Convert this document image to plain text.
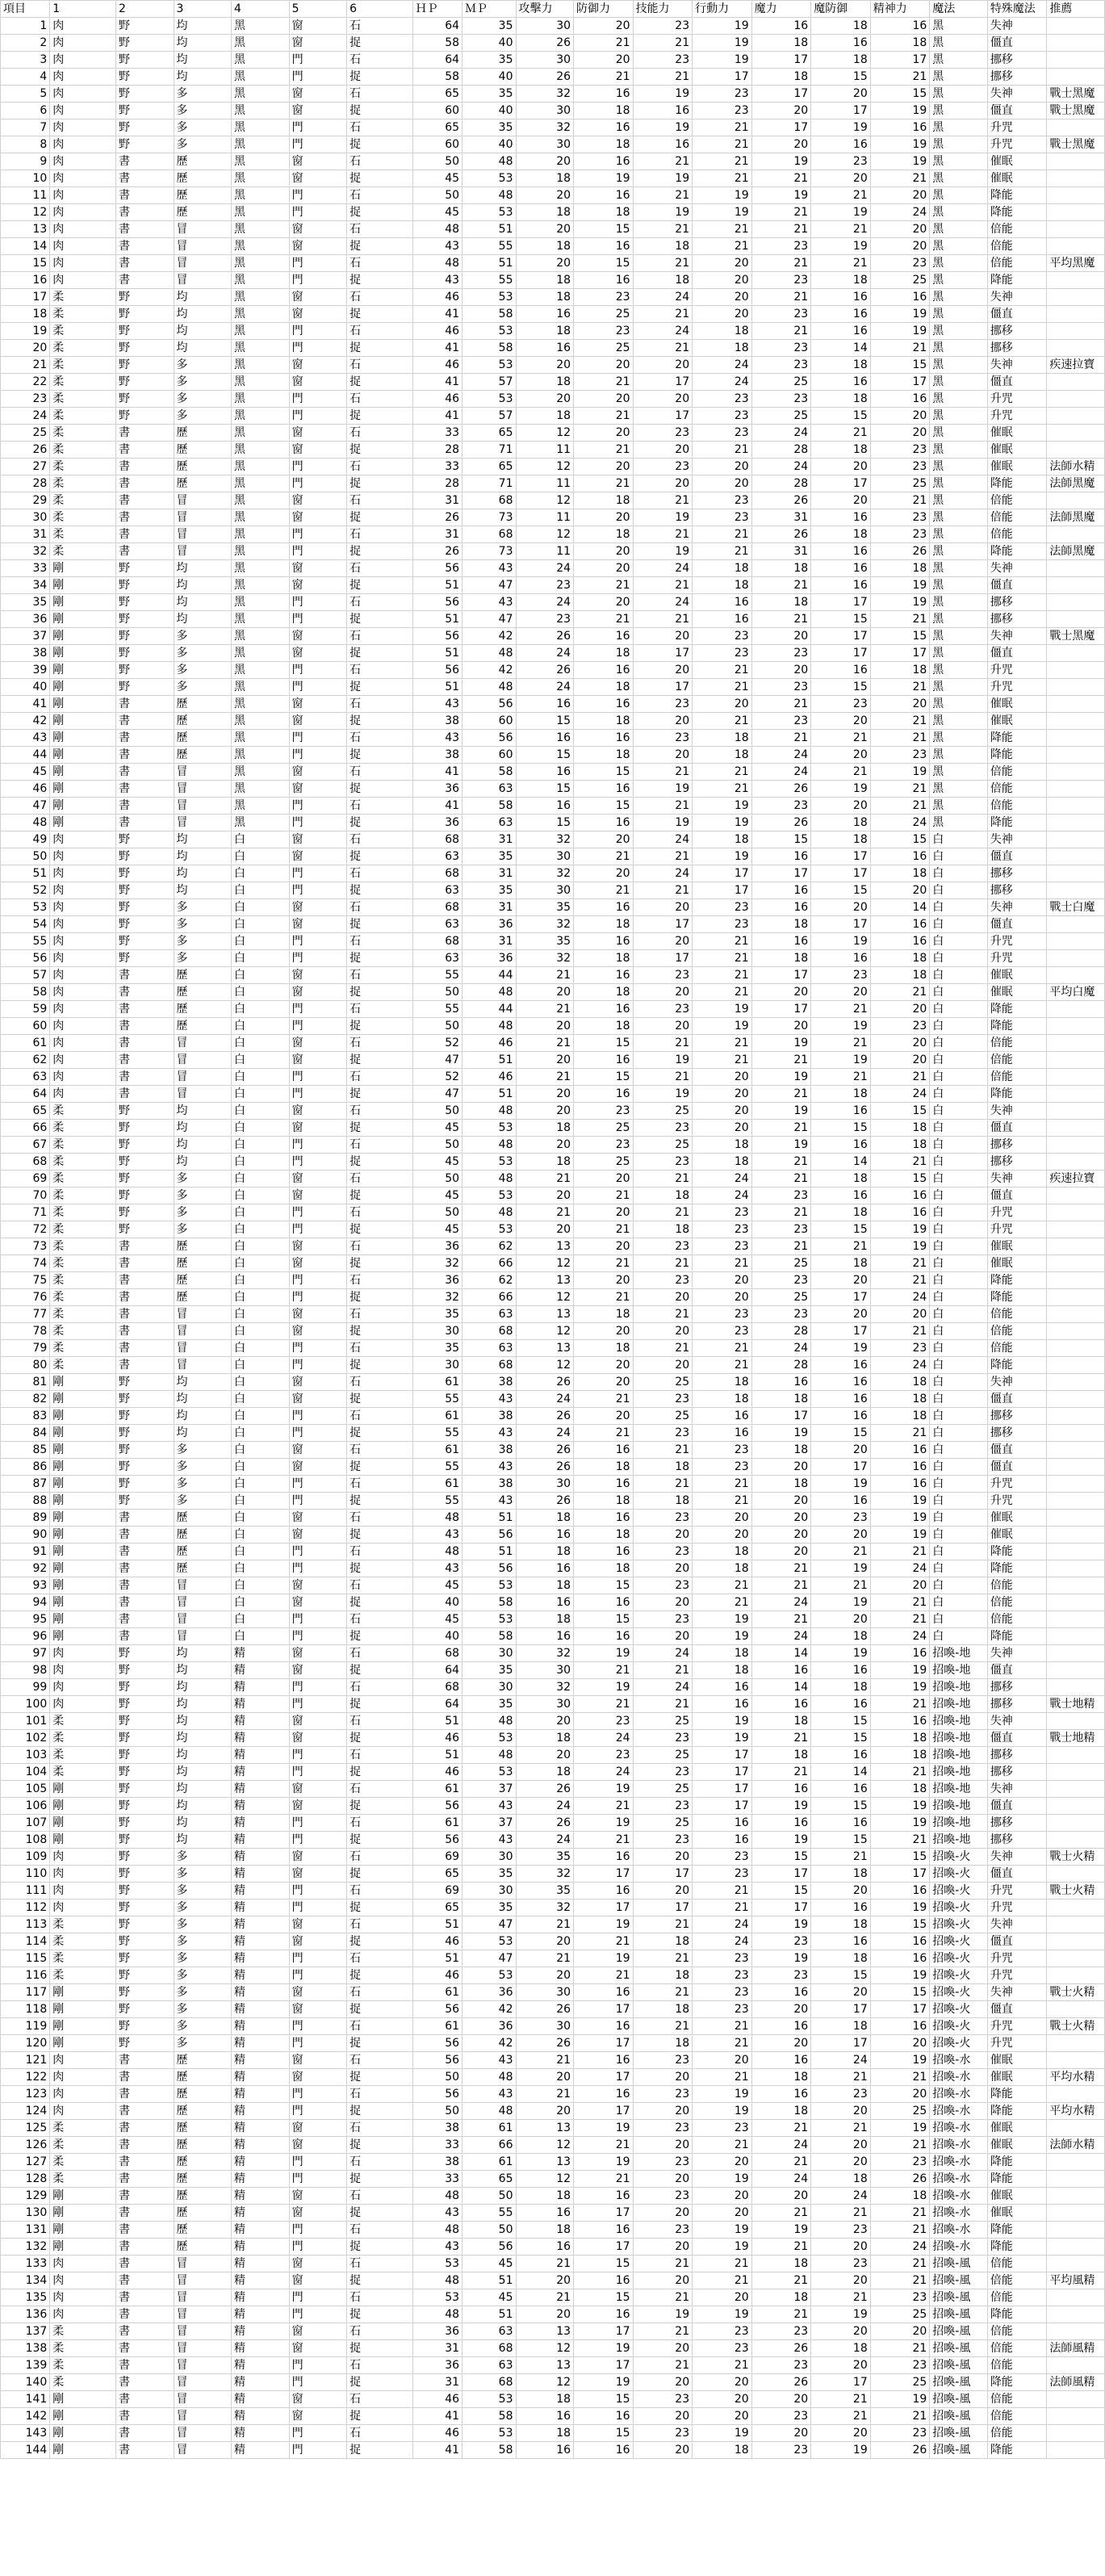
項目	1	2	3	4	5	6	ＨＰ	ＭＰ	攻擊力	防御力	技能力	行動力	魔力	魔防御	精神力	魔法	特殊魔法	推薦
1	肉	野	均	黑	窗	石	64	35	30	20	23	19	16	18	16	黑	失神	
2	肉	野	均	黑	窗	捉	58	40	26	21	21	19	18	16	18	黑	僵直	
3	肉	野	均	黑	門	石	64	35	30	20	23	19	17	18	17	黑	挪移	
4	肉	野	均	黑	門	捉	58	40	26	21	21	17	18	15	21	黑	挪移	
5	肉	野	多	黑	窗	石	65	35	32	16	19	23	17	20	15	黑	失神	戰士黑魔
6	肉	野	多	黑	窗	捉	60	40	30	18	16	23	20	17	19	黑	僵直	戰士黑魔
7	肉	野	多	黑	門	石	65	35	32	16	19	21	17	19	16	黑	升咒	
8	肉	野	多	黑	門	捉	60	40	30	18	16	21	20	16	19	黑	升咒	戰士黑魔
9	肉	書	歷	黑	窗	石	50	48	20	16	21	21	19	23	19	黑	催眠	
10	肉	書	歷	黑	窗	捉	45	53	18	19	19	21	21	20	21	黑	催眠	
11	肉	書	歷	黑	門	石	50	48	20	16	21	19	19	21	20	黑	降能	
12	肉	書	歷	黑	門	捉	45	53	18	18	19	19	21	19	24	黑	降能	
13	肉	書	冒	黑	窗	石	48	51	20	15	21	21	21	21	20	黑	倍能	
14	肉	書	冒	黑	窗	捉	43	55	18	16	18	21	23	19	20	黑	倍能	
15	肉	書	冒	黑	門	石	48	51	20	15	21	20	21	21	23	黑	倍能	平均黑魔
16	肉	書	冒	黑	門	捉	43	55	18	16	18	20	23	18	25	黑	降能	
17	柔	野	均	黑	窗	石	46	53	18	23	24	20	21	16	16	黑	失神	
18	柔	野	均	黑	窗	捉	41	58	16	25	21	20	23	16	19	黑	僵直	
19	柔	野	均	黑	門	石	46	53	18	23	24	18	21	16	19	黑	挪移	
20	柔	野	均	黑	門	捉	41	58	16	25	21	18	23	14	21	黑	挪移	
21	柔	野	多	黑	窗	石	46	53	20	20	20	24	23	18	15	黑	失神	疾速拉寶
22	柔	野	多	黑	窗	捉	41	57	18	21	17	24	25	16	17	黑	僵直	
23	柔	野	多	黑	門	石	46	53	20	20	20	23	23	18	16	黑	升咒	
24	柔	野	多	黑	門	捉	41	57	18	21	17	23	25	15	20	黑	升咒	
25	柔	書	歷	黑	窗	石	33	65	12	20	23	23	24	21	20	黑	催眠	
26	柔	書	歷	黑	窗	捉	28	71	11	21	20	21	28	18	23	黑	催眠	
27	柔	書	歷	黑	門	石	33	65	12	20	23	20	24	20	23	黑	催眠	法師水精
28	柔	書	歷	黑	門	捉	28	71	11	21	20	20	28	17	25	黑	降能	法師黑魔
29	柔	書	冒	黑	窗	石	31	68	12	18	21	23	26	20	21	黑	倍能	
30	柔	書	冒	黑	窗	捉	26	73	11	20	19	23	31	16	23	黑	倍能	法師黑魔
31	柔	書	冒	黑	門	石	31	68	12	18	21	21	26	18	23	黑	倍能	
32	柔	書	冒	黑	門	捉	26	73	11	20	19	21	31	16	26	黑	降能	法師黑魔
33	剛	野	均	黑	窗	石	56	43	24	20	24	18	18	16	18	黑	失神	
34	剛	野	均	黑	窗	捉	51	47	23	21	21	18	21	16	19	黑	僵直	
35	剛	野	均	黑	門	石	56	43	24	20	24	16	18	17	19	黑	挪移	
36	剛	野	均	黑	門	捉	51	47	23	21	21	16	21	15	21	黑	挪移	
37	剛	野	多	黑	窗	石	56	42	26	16	20	23	20	17	15	黑	失神	戰士黑魔
38	剛	野	多	黑	窗	捉	51	48	24	18	17	23	23	17	17	黑	僵直	
39	剛	野	多	黑	門	石	56	42	26	16	20	21	20	16	18	黑	升咒	
40	剛	野	多	黑	門	捉	51	48	24	18	17	21	23	15	21	黑	升咒	
41	剛	書	歷	黑	窗	石	43	56	16	16	23	20	21	23	20	黑	催眠	
42	剛	書	歷	黑	窗	捉	38	60	15	18	20	21	23	20	21	黑	催眠	
43	剛	書	歷	黑	門	石	43	56	16	16	23	18	21	21	21	黑	降能	
44	剛	書	歷	黑	門	捉	38	60	15	18	20	18	24	20	23	黑	降能	
45	剛	書	冒	黑	窗	石	41	58	16	15	21	21	24	21	19	黑	倍能	
46	剛	書	冒	黑	窗	捉	36	63	15	16	19	21	26	19	21	黑	倍能	
47	剛	書	冒	黑	門	石	41	58	16	15	21	19	23	20	21	黑	倍能	
48	剛	書	冒	黑	門	捉	36	63	15	16	19	19	26	18	24	黑	降能	
49	肉	野	均	白	窗	石	68	31	32	20	24	18	15	18	15	白	失神	
50	肉	野	均	白	窗	捉	63	35	30	21	21	19	16	17	16	白	僵直	
51	肉	野	均	白	門	石	68	31	32	20	24	17	17	17	18	白	挪移	
52	肉	野	均	白	門	捉	63	35	30	21	21	17	16	15	20	白	挪移	
53	肉	野	多	白	窗	石	68	31	35	16	20	23	16	20	14	白	失神	戰士白魔
54	肉	野	多	白	窗	捉	63	36	32	18	17	23	18	17	16	白	僵直	
55	肉	野	多	白	門	石	68	31	35	16	20	21	16	19	16	白	升咒	
56	肉	野	多	白	門	捉	63	36	32	18	17	21	18	16	18	白	升咒	
57	肉	書	歷	白	窗	石	55	44	21	16	23	21	17	23	18	白	催眠	
58	肉	書	歷	白	窗	捉	50	48	20	18	20	21	20	20	21	白	催眠	平均白魔
59	肉	書	歷	白	門	石	55	44	21	16	23	19	17	21	20	白	降能	
60	肉	書	歷	白	門	捉	50	48	20	18	20	19	20	19	23	白	降能	
61	肉	書	冒	白	窗	石	52	46	21	15	21	21	19	21	20	白	倍能	
62	肉	書	冒	白	窗	捉	47	51	20	16	19	21	21	19	20	白	倍能	
63	肉	書	冒	白	門	石	52	46	21	15	21	20	19	21	21	白	倍能	
64	肉	書	冒	白	門	捉	47	51	20	16	19	20	21	18	24	白	降能	
65	柔	野	均	白	窗	石	50	48	20	23	25	20	19	16	15	白	失神	
66	柔	野	均	白	窗	捉	45	53	18	25	23	20	21	15	18	白	僵直	
67	柔	野	均	白	門	石	50	48	20	23	25	18	19	16	18	白	挪移	
68	柔	野	均	白	門	捉	45	53	18	25	23	18	21	14	21	白	挪移	
69	柔	野	多	白	窗	石	50	48	21	20	21	24	21	18	15	白	失神	疾速拉寶
70	柔	野	多	白	窗	捉	45	53	20	21	18	24	23	16	16	白	僵直	
71	柔	野	多	白	門	石	50	48	21	20	21	23	21	18	16	白	升咒	
72	柔	野	多	白	門	捉	45	53	20	21	18	23	23	15	19	白	升咒	
73	柔	書	歷	白	窗	石	36	62	13	20	23	23	21	21	19	白	催眠	
74	柔	書	歷	白	窗	捉	32	66	12	21	21	21	25	18	21	白	催眠	
75	柔	書	歷	白	門	石	36	62	13	20	23	20	23	20	21	白	降能	
76	柔	書	歷	白	門	捉	32	66	12	21	20	20	25	17	24	白	降能	
77	柔	書	冒	白	窗	石	35	63	13	18	21	23	23	20	20	白	倍能	
78	柔	書	冒	白	窗	捉	30	68	12	20	20	23	28	17	21	白	倍能	
79	柔	書	冒	白	門	石	35	63	13	18	21	21	24	19	23	白	倍能	
80	柔	書	冒	白	門	捉	30	68	12	20	20	21	28	16	24	白	降能	
81	剛	野	均	白	窗	石	61	38	26	20	25	18	16	16	18	白	失神	
82	剛	野	均	白	窗	捉	55	43	24	21	23	18	18	16	18	白	僵直	
83	剛	野	均	白	門	石	61	38	26	20	25	16	17	16	18	白	挪移	
84	剛	野	均	白	門	捉	55	43	24	21	23	16	19	15	21	白	挪移	
85	剛	野	多	白	窗	石	61	38	26	16	21	23	18	20	16	白	僵直	
86	剛	野	多	白	窗	捉	55	43	26	18	18	23	20	17	16	白	僵直	
87	剛	野	多	白	門	石	61	38	30	16	21	21	18	19	16	白	升咒	
88	剛	野	多	白	門	捉	55	43	26	18	18	21	20	16	19	白	升咒	
89	剛	書	歷	白	窗	石	48	51	18	16	23	20	20	23	19	白	催眠	
90	剛	書	歷	白	窗	捉	43	56	16	18	20	20	20	20	19	白	催眠	
91	剛	書	歷	白	門	石	48	51	18	16	23	18	20	21	21	白	降能	
92	剛	書	歷	白	門	捉	43	56	16	18	20	18	21	19	24	白	降能	
93	剛	書	冒	白	窗	石	45	53	18	15	23	21	21	21	20	白	倍能	
94	剛	書	冒	白	窗	捉	40	58	16	16	20	21	24	19	21	白	倍能	
95	剛	書	冒	白	門	石	45	53	18	15	23	19	21	20	21	白	倍能	
96	剛	書	冒	白	門	捉	40	58	16	16	20	19	24	18	24	白	降能	
97	肉	野	均	精	窗	石	68	30	32	19	24	18	14	19	16	招喚-地	失神	
98	肉	野	均	精	窗	捉	64	35	30	21	21	18	16	16	19	招喚-地	僵直	
99	肉	野	均	精	門	石	68	30	32	19	24	16	14	18	19	招喚-地	挪移	
100	肉	野	均	精	門	捉	64	35	30	21	21	16	16	16	21	招喚-地	挪移	戰士地精
101	柔	野	均	精	窗	石	51	48	20	23	25	19	18	15	16	招喚-地	失神	
102	柔	野	均	精	窗	捉	46	53	18	24	23	19	21	15	18	招喚-地	僵直	戰士地精
103	柔	野	均	精	門	石	51	48	20	23	25	17	18	16	18	招喚-地	挪移	
104	柔	野	均	精	門	捉	46	53	18	24	23	17	21	14	21	招喚-地	挪移	
105	剛	野	均	精	窗	石	61	37	26	19	25	17	16	16	18	招喚-地	失神	
106	剛	野	均	精	窗	捉	56	43	24	21	23	17	19	15	19	招喚-地	僵直	
107	剛	野	均	精	門	石	61	37	26	19	25	16	16	16	19	招喚-地	挪移	
108	剛	野	均	精	門	捉	56	43	24	21	23	16	19	15	21	招喚-地	挪移	
109	肉	野	多	精	窗	石	69	30	35	16	20	23	15	21	15	招喚-火	失神	戰士火精
110	肉	野	多	精	窗	捉	65	35	32	17	17	23	17	18	17	招喚-火	僵直	
111	肉	野	多	精	門	石	69	30	35	16	20	21	15	20	16	招喚-火	升咒	戰士火精
112	肉	野	多	精	門	捉	65	35	32	17	17	21	17	16	19	招喚-火	升咒	
113	柔	野	多	精	窗	石	51	47	21	19	21	24	19	18	15	招喚-火	失神	
114	柔	野	多	精	窗	捉	46	53	20	21	18	24	23	16	16	招喚-火	僵直	
115	柔	野	多	精	門	石	51	47	21	19	21	23	19	18	16	招喚-火	升咒	
116	柔	野	多	精	門	捉	46	53	20	21	18	23	23	15	19	招喚-火	升咒	
117	剛	野	多	精	窗	石	61	36	30	16	21	23	16	20	15	招喚-火	失神	戰士火精
118	剛	野	多	精	窗	捉	56	42	26	17	18	23	20	17	17	招喚-火	僵直	
119	剛	野	多	精	門	石	61	36	30	16	21	21	16	18	16	招喚-火	升咒	戰士火精
120	剛	野	多	精	門	捉	56	42	26	17	18	21	20	17	20	招喚-火	升咒	
121	肉	書	歷	精	窗	石	56	43	21	16	23	20	16	24	19	招喚-水	催眠	
122	肉	書	歷	精	窗	捉	50	48	20	17	20	21	18	21	21	招喚-水	催眠	平均水精
123	肉	書	歷	精	門	石	56	43	21	16	23	19	16	23	20	招喚-水	降能	
124	肉	書	歷	精	門	捉	50	48	20	17	20	19	18	20	25	招喚-水	降能	平均水精
125	柔	書	歷	精	窗	石	38	61	13	19	23	23	21	21	19	招喚-水	催眠	
126	柔	書	歷	精	窗	捉	33	66	12	21	20	21	24	20	21	招喚-水	催眠	法師水精
127	柔	書	歷	精	門	石	38	61	13	19	23	20	21	20	23	招喚-水	降能	
128	柔	書	歷	精	門	捉	33	65	12	21	20	19	24	18	26	招喚-水	降能	
129	剛	書	歷	精	窗	石	48	50	18	16	23	20	20	24	18	招喚-水	催眠	
130	剛	書	歷	精	窗	捉	43	55	16	17	20	20	21	21	21	招喚-水	催眠	
131	剛	書	歷	精	門	石	48	50	18	16	23	19	19	23	21	招喚-水	降能	
132	剛	書	歷	精	門	捉	43	56	16	17	20	19	21	20	24	招喚-水	降能	
133	肉	書	冒	精	窗	石	53	45	21	15	21	21	18	23	21	招喚-風	倍能	
134	肉	書	冒	精	窗	捉	48	51	20	16	20	21	21	20	21	招喚-風	倍能	平均風精
135	肉	書	冒	精	門	石	53	45	21	15	21	20	18	21	23	招喚-風	倍能	
136	肉	書	冒	精	門	捉	48	51	20	16	19	19	21	19	25	招喚-風	降能	
137	柔	書	冒	精	窗	石	36	63	13	17	21	23	23	20	20	招喚-風	倍能	
138	柔	書	冒	精	窗	捉	31	68	12	19	20	23	26	18	21	招喚-風	倍能	法師風精
139	柔	書	冒	精	門	石	36	63	13	17	21	21	23	20	23	招喚-風	倍能	
140	柔	書	冒	精	門	捉	31	68	12	19	20	20	26	17	25	招喚-風	降能	法師風精
141	剛	書	冒	精	窗	石	46	53	18	15	23	20	20	21	19	招喚-風	倍能	
142	剛	書	冒	精	窗	捉	41	58	16	16	20	20	23	21	21	招喚-風	倍能	
143	剛	書	冒	精	門	石	46	53	18	15	23	19	20	20	23	招喚-風	倍能	
144	剛	書	冒	精	門	捉	41	58	16	16	20	18	23	19	26	招喚-風	降能	
